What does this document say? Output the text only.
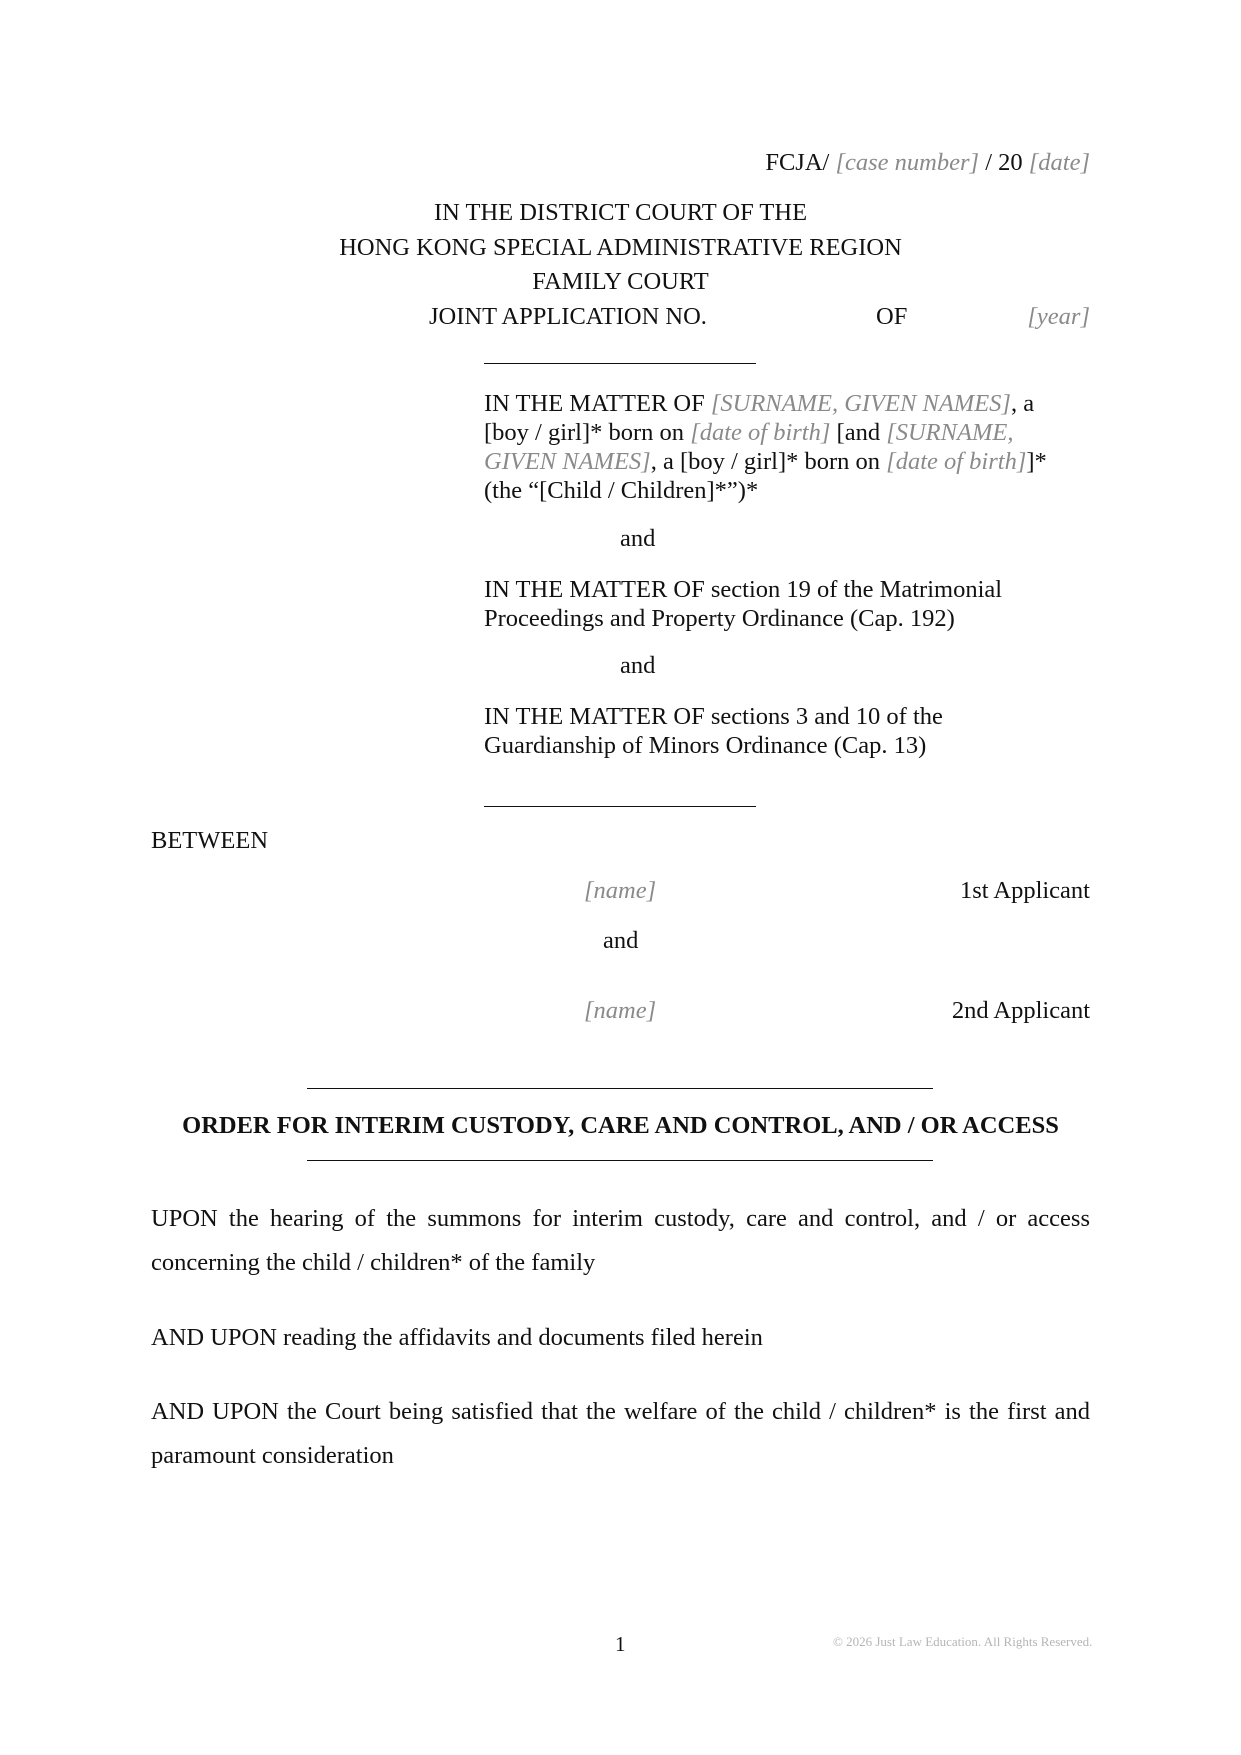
FCJA/ [case number] / 20 [date]
IN THE DISTRICT COURT OF THE
HONG KONG SPECIAL ADMINISTRATIVE REGION
FAMILY COURT
JOINT APPLICATION NO.	OF	[year]
IN THE MATTER OF [SURNAME, GIVEN NAMES], a
[boy / girl]* born on [date of birth] [and [SURNAME,
GIVEN NAMES], a [boy / girl]* born on [date of birth]]*
(the “[Child / Children]*”)*
and
IN THE MATTER OF section 19 of the Matrimonial
Proceedings and Property Ordinance (Cap. 192)
and
IN THE MATTER OF sections 3 and 10 of the
Guardianship of Minors Ordinance (Cap. 13)
BETWEEN
[name]	1st Applicant
and
[name]	2nd Applicant
ORDER FOR INTERIM CUSTODY, CARE AND CONTROL, AND / OR ACCESS
UPON the hearing of the summons for interim custody, care and control, and / or access concerning the child / children* of the family
AND UPON reading the affidavits and documents filed herein
AND UPON the Court being satisfied that the welfare of the child / children* is the first and paramount consideration
1	© 2026 Just Law Education. All Rights Reserved.
